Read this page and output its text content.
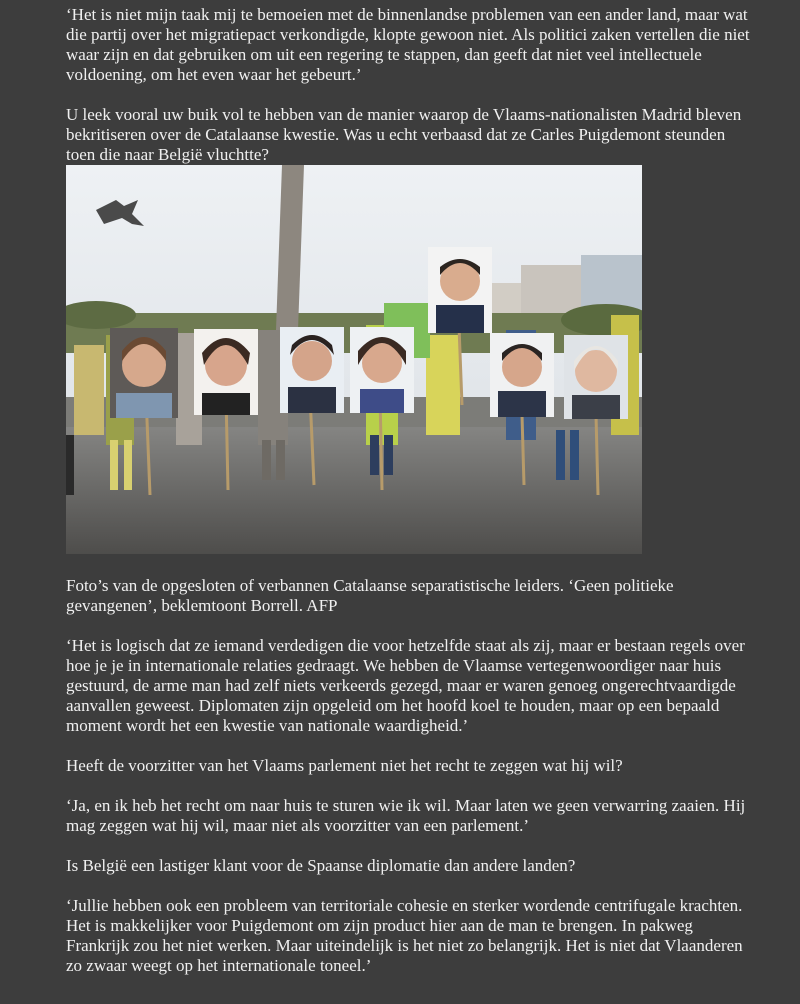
‘Het is niet mijn taak mij te bemoeien met de binnenlandse problemen van een ander land, maar wat die partij over het migratiepact verkondigde, klopte gewoon niet. Als politici zaken vertellen die niet waar zijn en dat gebruiken om uit een regering te stappen, dan geeft dat niet veel intellectuele voldoening, om het even waar het gebeurt.’

U leek vooral uw buik vol te hebben van de manier waarop de Vlaams-nationalisten Madrid bleven bekritiseren over de Catalaanse kwestie. Was u echt verbaasd dat ze Carles Puigdemont steunden toen die naar België vluchtte?

Foto’s van de opgesloten of verbannen Catalaanse separatistische leiders. ‘Geen politieke gevangenen’, beklemtoont Borrell. AFP

‘Het is logisch dat ze iemand verdedigen die voor hetzelfde staat als zij, maar er bestaan regels over hoe je je in internationale relaties gedraagt. We hebben de Vlaamse vertegenwoordiger naar huis gestuurd, de arme man had zelf niets verkeerds gezegd, maar er waren genoeg ongerechtvaardigde aanvallen geweest. Diplomaten zijn opgeleid om het hoofd koel te houden, maar op een bepaald moment wordt het een kwestie van nationale waardigheid.’

Heeft de voorzitter van het Vlaams parlement niet het recht te zeggen wat hij wil?

‘Ja, en ik heb het recht om naar huis te sturen wie ik wil. Maar laten we geen verwarring zaaien. Hij mag zeggen wat hij wil, maar niet als voorzitter van een parlement.’

Is België een lastiger klant voor de Spaanse diplomatie dan andere landen?

‘Jullie hebben ook een probleem van territoriale cohesie en sterker wordende centrifugale krachten. Het is makkelijker voor Puigdemont om zijn product hier aan de man te brengen. In pakweg Frankrijk zou het niet werken. Maar uiteindelijk is het niet zo belangrijk. Het is niet dat Vlaanderen zo zwaar weegt op het internationale toneel.’
